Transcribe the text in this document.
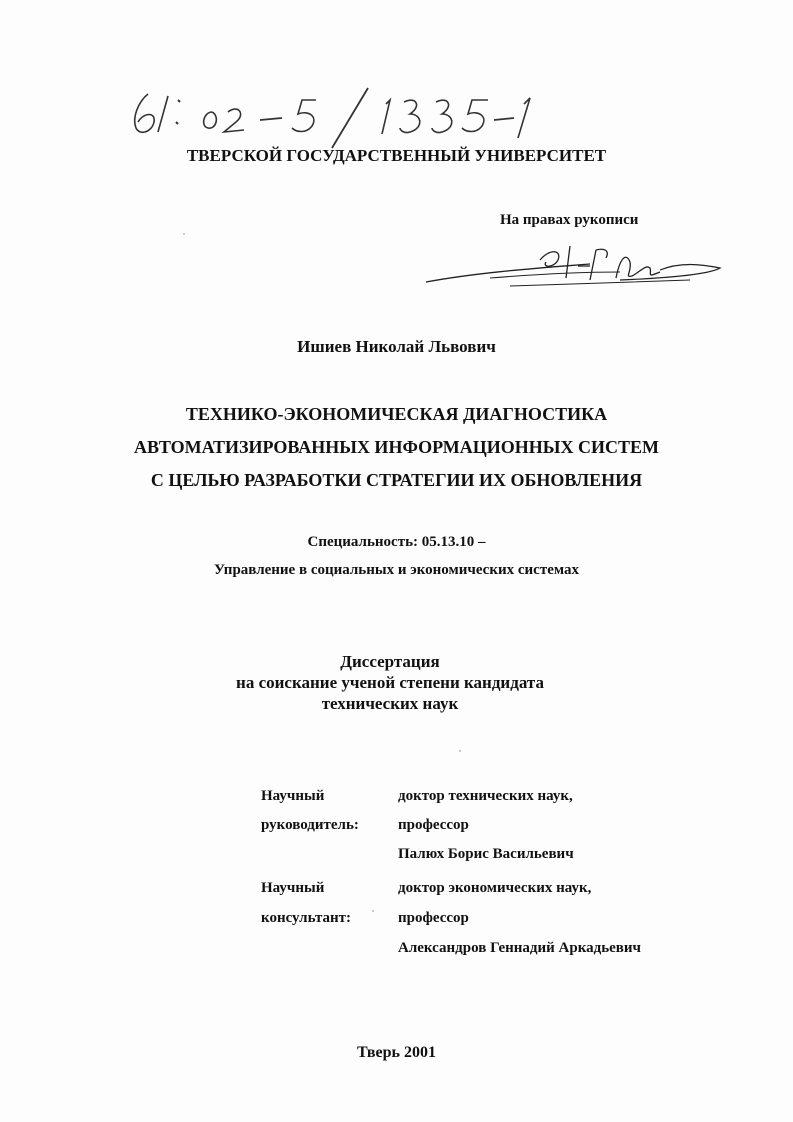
ТВЕРСКОЙ ГОСУДАРСТВЕННЫЙ УНИВЕРСИТЕТ
На правах рукописи
Ишиев Николай Львович
ТЕХНИКО-ЭКОНОМИЧЕСКАЯ ДИАГНОСТИКА
АВТОМАТИЗИРОВАННЫХ ИНФОРМАЦИОННЫХ СИСТЕМ
С ЦЕЛЬЮ РАЗРАБОТКИ СТРАТЕГИИ ИХ ОБНОВЛЕНИЯ
Специальность: 05.13.10 –
Управление в социальных и экономических системах
Диссертация
на соискание ученой степени кандидата
технических наук
Научный
руководитель:
доктор технических наук,
профессор
Палюх Борис Васильевич
Научный
консультант:
доктор экономических наук,
профессор
Александров Геннадий Аркадьевич
Тверь 2001
